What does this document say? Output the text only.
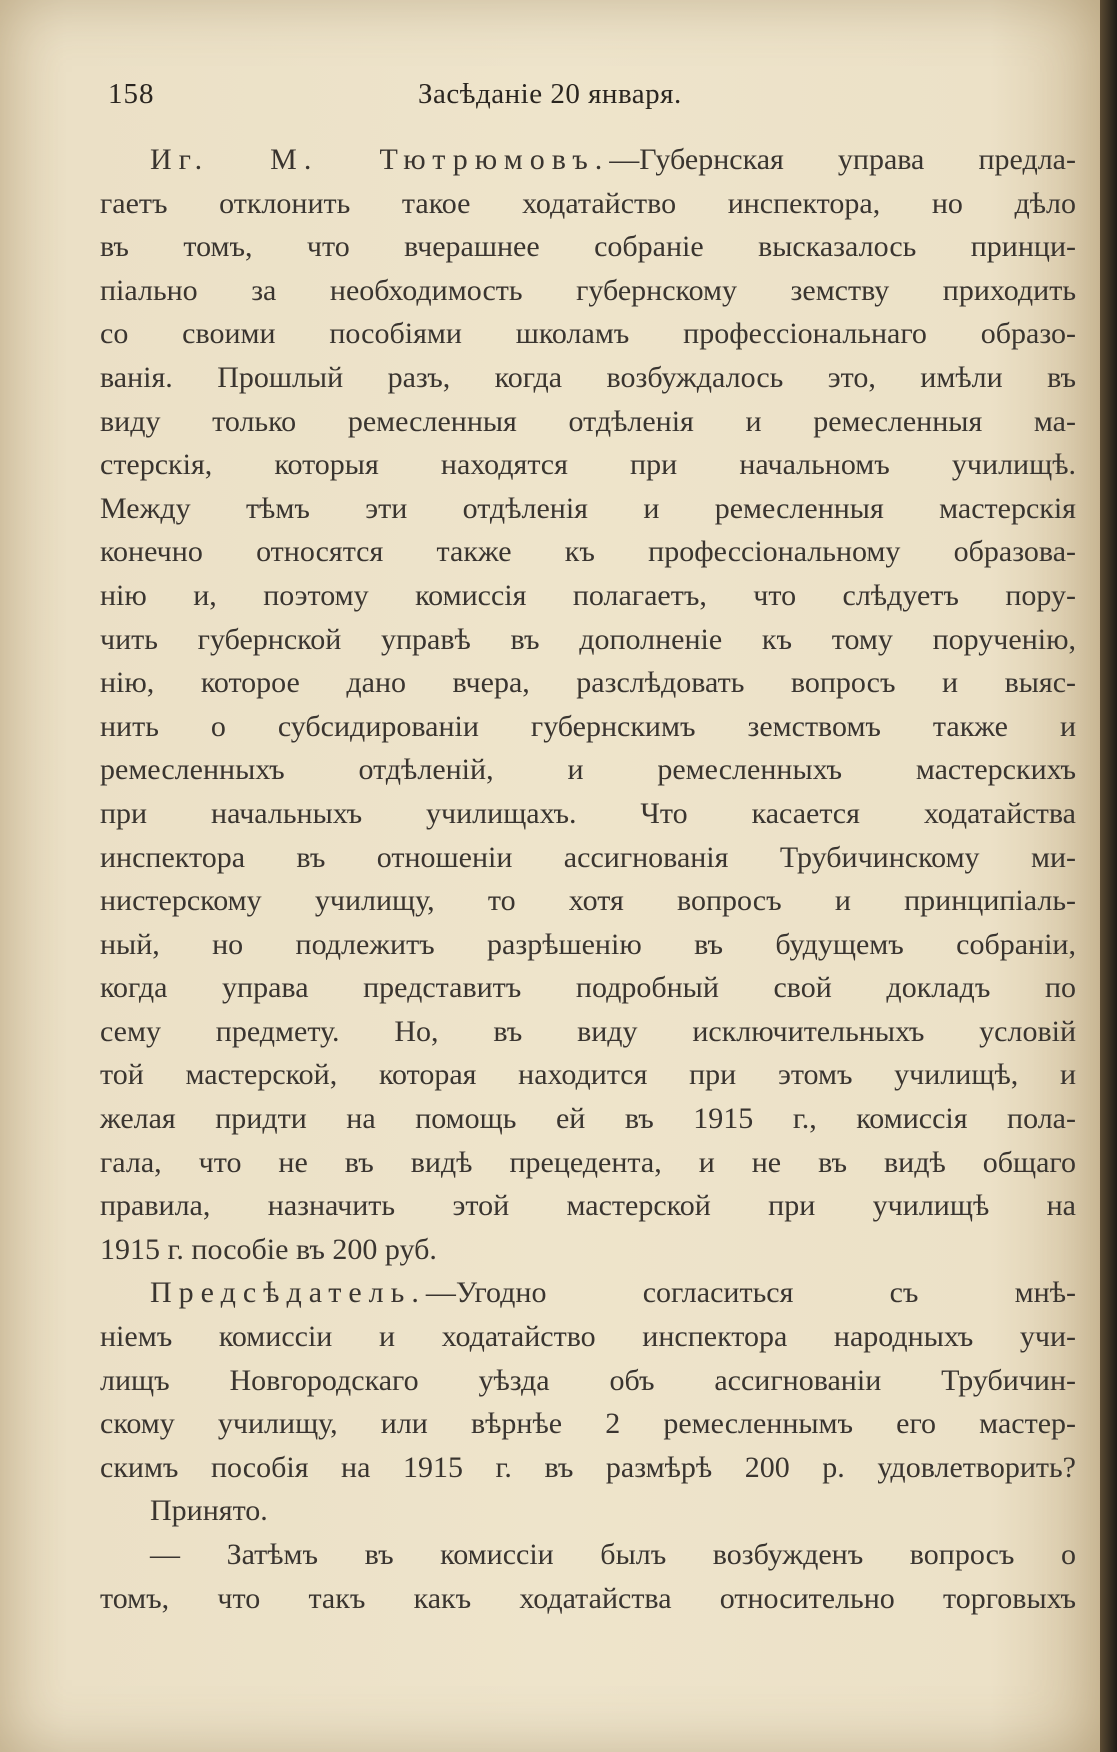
158	Засѣданіе 20 января.
Иг. М. Тютрюмовъ.—Губернская управа предла-
гаетъ отклонить такое ходатайство инспектора, но дѣло
въ томъ, что вчерашнее собраніе высказалось принци-
піально за необходимость губернскому земству приходить
со своими пособіями школамъ профессіональнаго образо-
ванія. Прошлый разъ, когда возбуждалось это, имѣли въ
виду только ремесленныя отдѣленія и ремесленныя ма-
стерскія, которыя находятся при начальномъ училищѣ.
Между тѣмъ эти отдѣленія и ремесленныя мастерскія
конечно относятся также къ профессіональному образова-
нію и, поэтому комиссія полагаетъ, что слѣдуетъ пору-
чить губернской управѣ въ дополненіе къ тому порученію,
нію, которое дано вчера, разслѣдовать вопросъ и выяс-
нить о субсидированіи губернскимъ земствомъ также и
ремесленныхъ отдѣленій, и ремесленныхъ мастерскихъ
при начальныхъ училищахъ. Что касается ходатайства
инспектора въ отношеніи ассигнованія Трубичинскому ми-
нистерскому училищу, то хотя вопросъ и принципіаль-
ный, но подлежитъ разрѣшенію въ будущемъ собраніи,
когда управа представитъ подробный свой докладъ по
сему предмету. Но, въ виду исключительныхъ условій
той мастерской, которая находится при этомъ училищѣ, и
желая придти на помощь ей въ 1915 г., комиссія пола-
гала, что не въ видѣ прецедента, и не въ видѣ общаго
правила, назначить этой мастерской при училищѣ на
1915 г. пособіе въ 200 руб.
Предсѣдатель.—Угодно согласиться съ мнѣ-
ніемъ комиссіи и ходатайство инспектора народныхъ учи-
лищъ Новгородскаго уѣзда объ ассигнованіи Трубичин-
скому училищу, или вѣрнѣе 2 ремесленнымъ его мастер-
скимъ пособія на 1915 г. въ размѣрѣ 200 р. удовлетворить?
Принято.
— Затѣмъ въ комиссіи былъ возбужденъ вопросъ о
томъ, что такъ какъ ходатайства относительно торговыхъ
